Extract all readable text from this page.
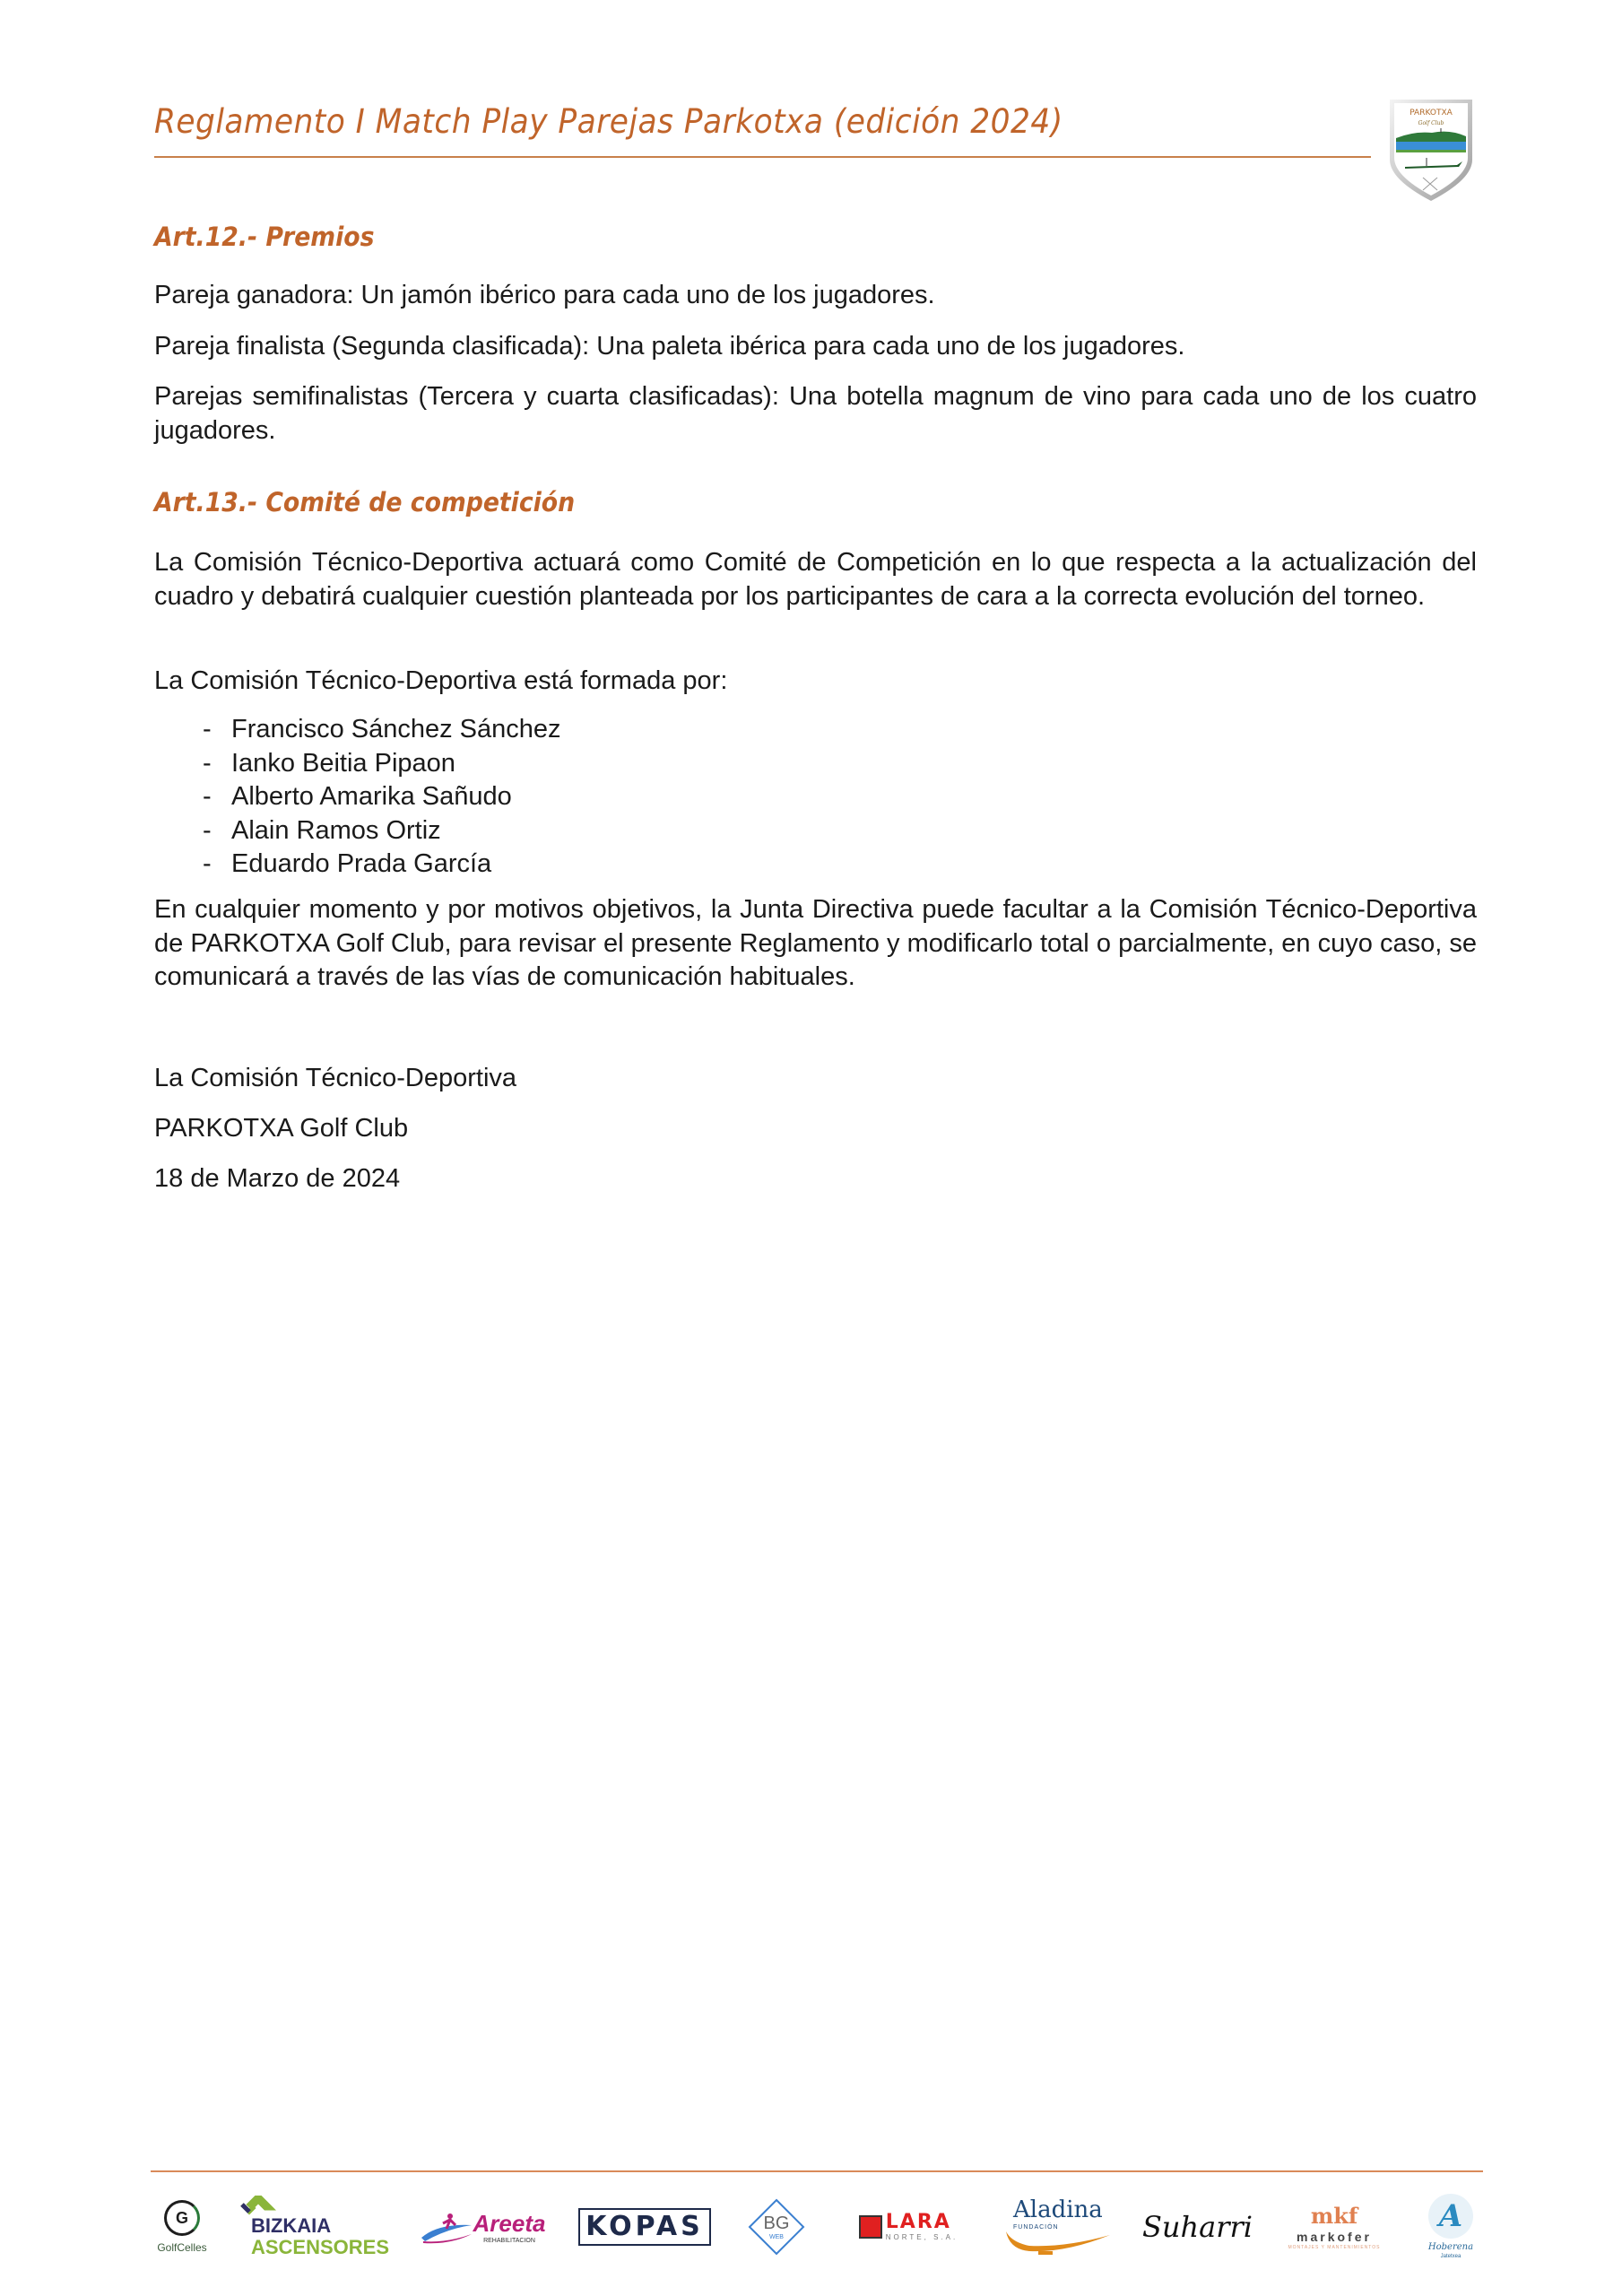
Reglamento I Match Play Parejas Parkotxa (edición 2024)	PARKOTXA
Golf Club
Art.12.- Premios
Pareja ganadora: Un jamón ibérico para cada uno de los jugadores.
Pareja finalista (Segunda clasificada): Una paleta ibérica para cada uno de los jugadores.
Parejas semifinalistas (Tercera y cuarta clasificadas): Una botella magnum de vino para cada uno de los cuatro jugadores.
Art.13.- Comité de competición
La Comisión Técnico-Deportiva actuará como Comité de Competición en lo que respecta a la actualización del cuadro y debatirá cualquier cuestión planteada por los participantes de cara a la correcta evolución del torneo.
La Comisión Técnico-Deportiva está formada por:
- Francisco Sánchez Sánchez
- Ianko Beitia Pipaon
- Alberto Amarika Sañudo
- Alain Ramos Ortiz
- Eduardo Prada García
En cualquier momento y por motivos objetivos, la Junta Directiva puede facultar a la Comisión Técnico-Deportiva de PARKOTXA Golf Club, para revisar el presente Reglamento y modificarlo total o parcialmente, en cuyo caso, se comunicará a través de las vías de comunicación habituales.
La Comisión Técnico-Deportiva
PARKOTXA Golf Club
18 de Marzo de 2024
G
GolfCelles
BIZKAIA
ASCENSORES
Areeta
REHABILITACION KOPAS	BG
WEB
LARA
NORTE, S.A.
Aladina
FUNDACIÓN	Suharri	mkf
markofer
MONTAJES Y MANTENIMIENTOS
A
Hoberena
Jatetxea
